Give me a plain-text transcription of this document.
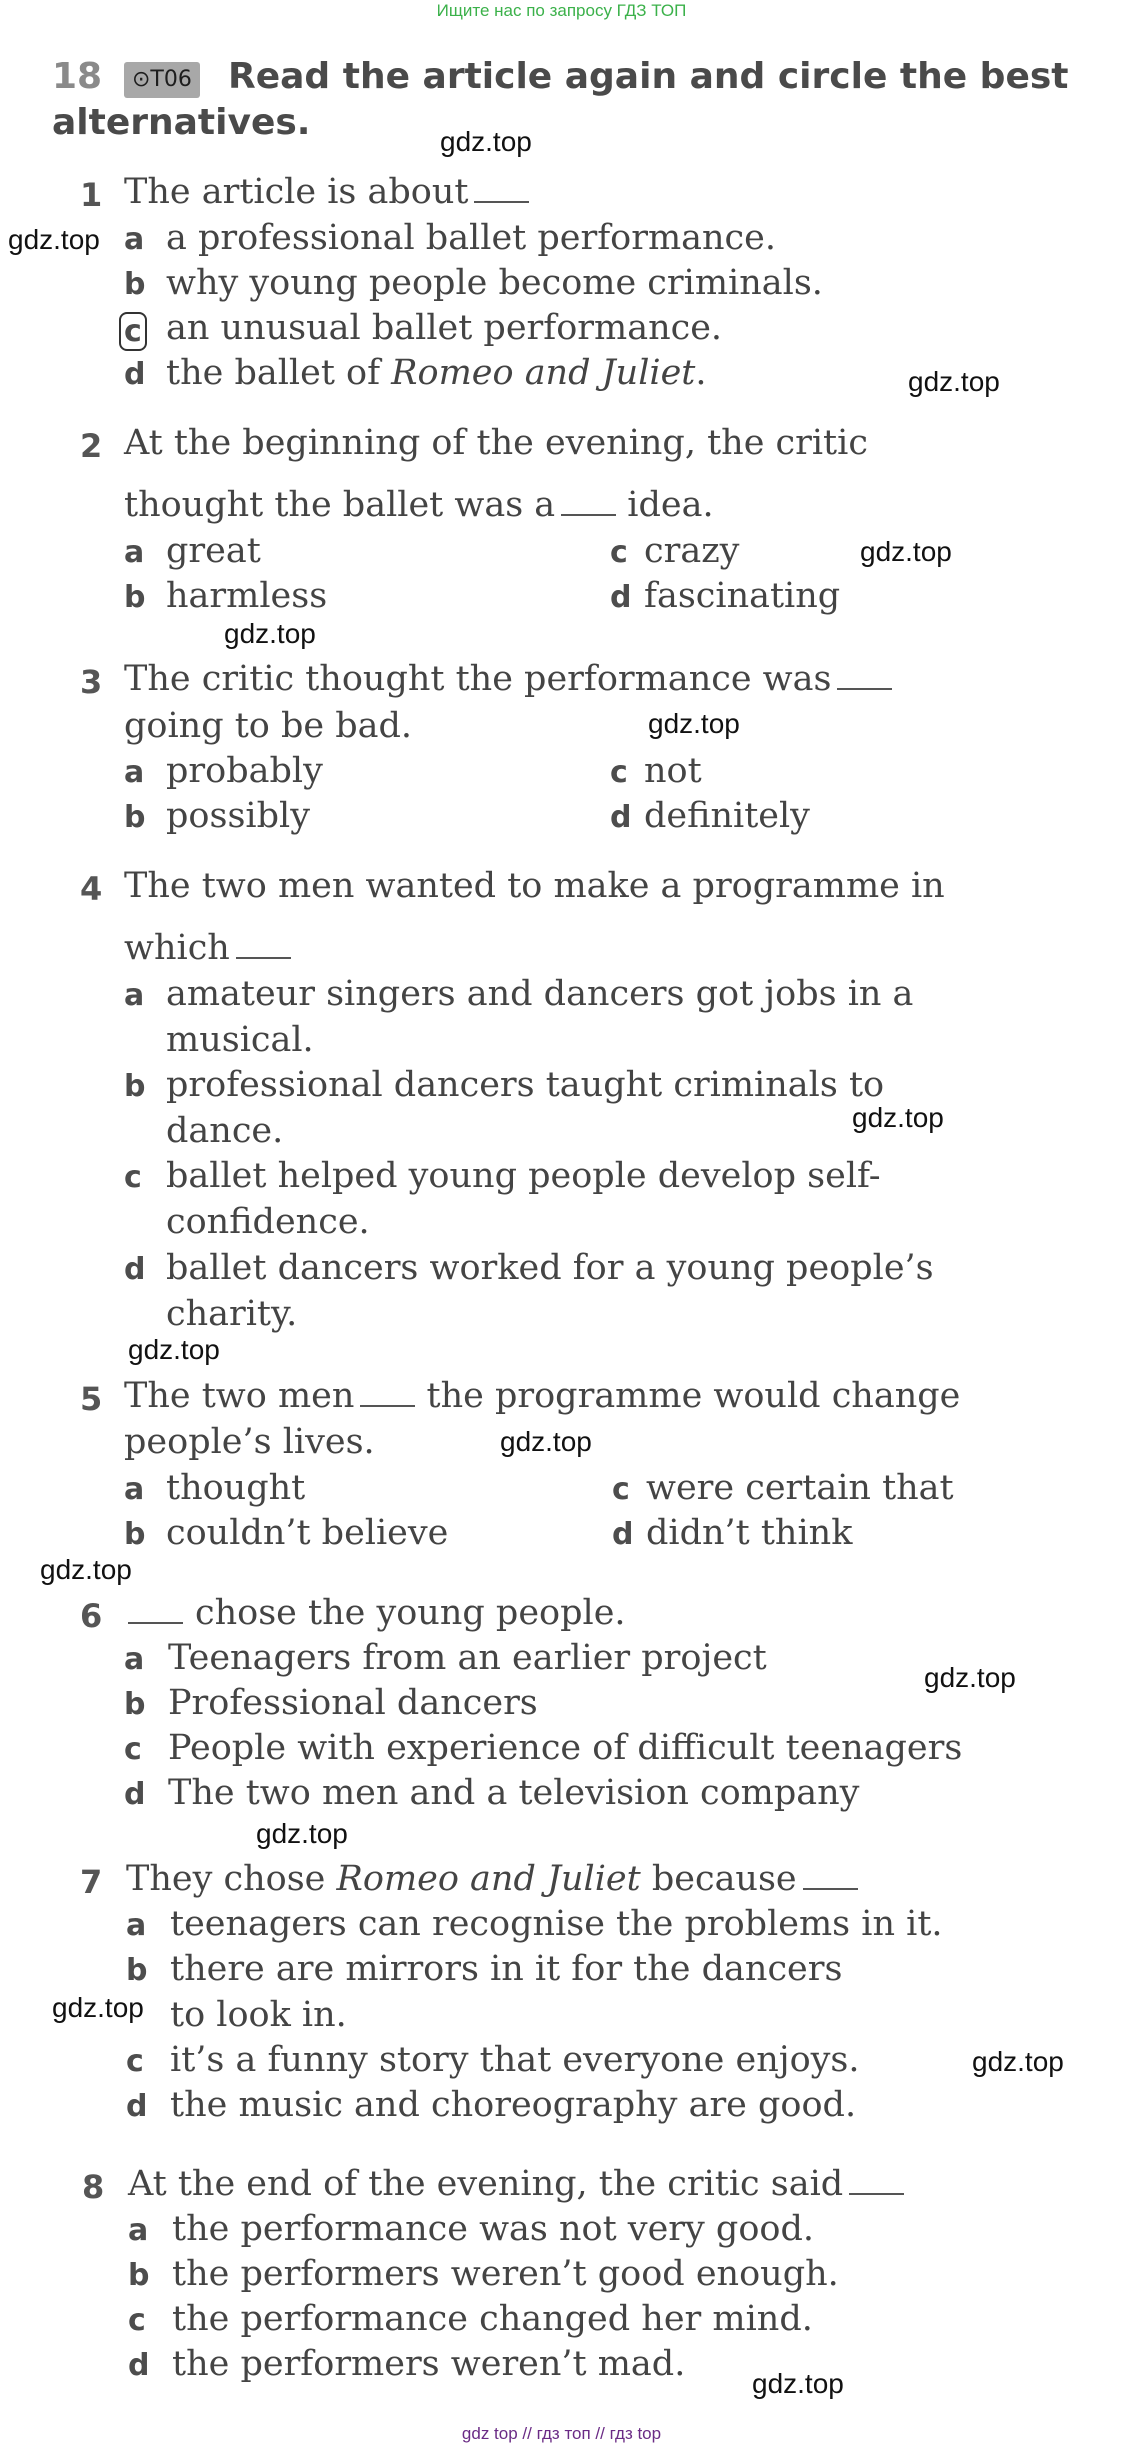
Ищите нас по запросу ГДЗ ТОП
18	⊙T06 Read the article again and circle the best
alternatives.
1 The article is about
a a professional ballet performance.
b why young people become criminals.
c an unusual ballet performance.
d the ballet of Romeo and Juliet.
2 At the beginning of the evening, the critic
thought the ballet was a idea.
a great
b harmless
c crazy
d fascinating
3 The critic thought the performance was
going to be bad.
a probably
b possibly
c not
d definitely
4 The two men wanted to make a programme in
which
a amateur singers and dancers got jobs in a
musical.
b professional dancers taught criminals to
dance.
c ballet helped young people develop self-
confidence.
d ballet dancers worked for a young people’s
charity.
5 The two men the programme would change
people’s lives.
a thought
b couldn’t believe
c were certain that
d didn’t think
6	chose the young people.
a Teenagers from an earlier project
b Professional dancers
c People with experience of difficult teenagers
d The two men and a television company
7 They chose Romeo and Juliet because
a teenagers can recognise the problems in it.
b there are mirrors in it for the dancers
to look in.
c it’s a funny story that everyone enjoys.
d the music and choreography are good.
8 At the end of the evening, the critic said
a the performance was not very good.
b the performers weren’t good enough.
c the performance changed her mind.
d the performers weren’t mad.
gdz.top
gdz.top
gdz.top
gdz.top
gdz.top
gdz.top
gdz.top
gdz.top
gdz.top
gdz.top
gdz.top
gdz.top
gdz.top
gdz.top
gdz.top
gdz top // гдз топ // гдз top
